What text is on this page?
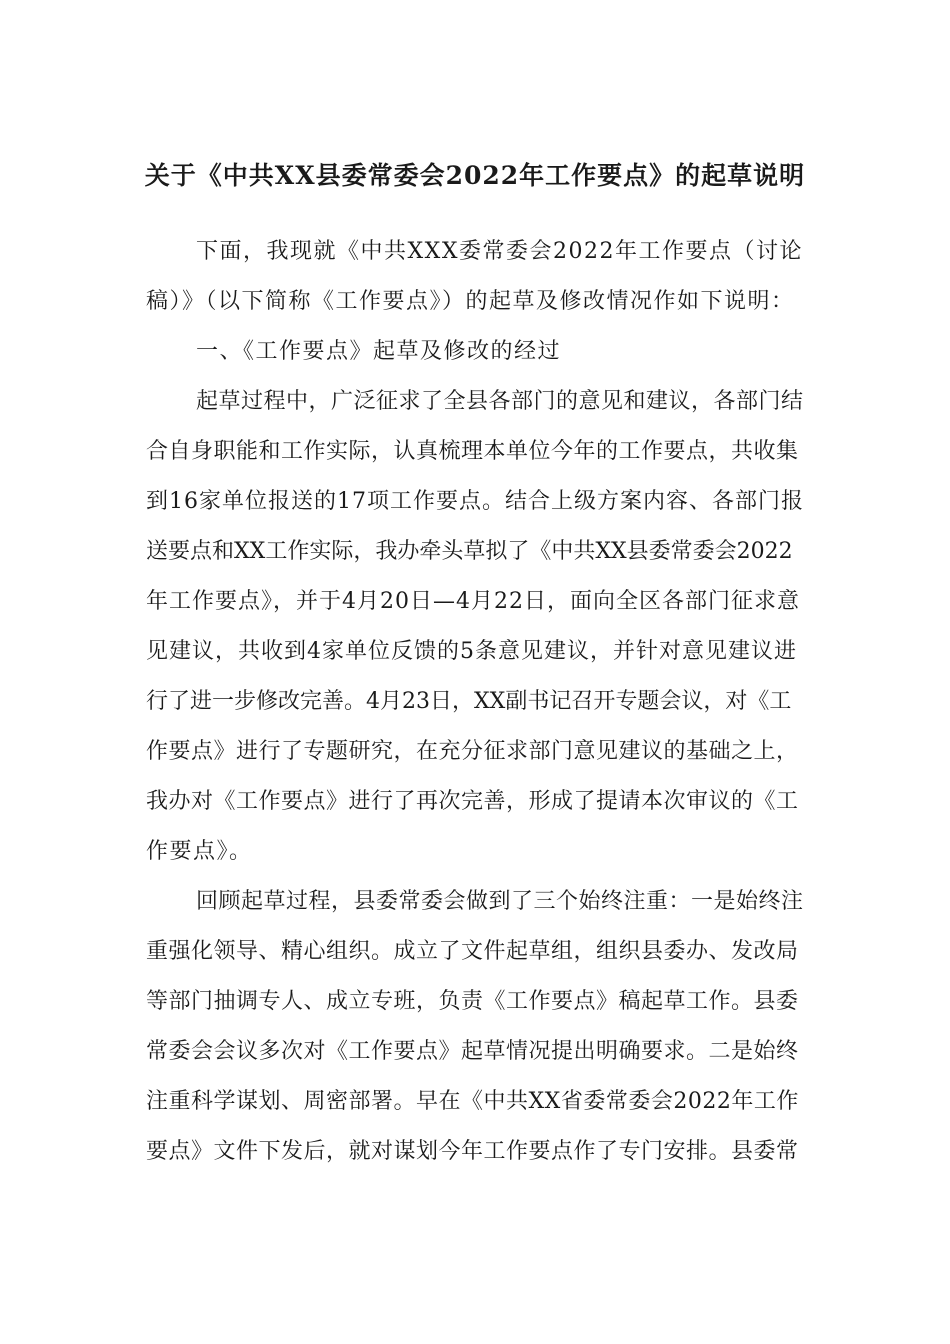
关于《中共XX县委常委会2022年工作要点》的起草说明
下面，我现就《中共XXX委常委会2022年工作要点（讨论
稿）》（以下简称《工作要点》）的起草及修改情况作如下说明：
一、《工作要点》起草及修改的经过
起草过程中，广泛征求了全县各部门的意见和建议，各部门结
合自身职能和工作实际，认真梳理本单位今年的工作要点，共收集
到16家单位报送的17项工作要点。结合上级方案内容、各部门报
送要点和XX工作实际，我办牵头草拟了《中共XX县委常委会2022
年工作要点》，并于4月20日—4月22日，面向全区各部门征求意
见建议，共收到4家单位反馈的5条意见建议，并针对意见建议进
行了进一步修改完善。4月23日，XX副书记召开专题会议，对《工
作要点》进行了专题研究，在充分征求部门意见建议的基础之上，
我办对《工作要点》进行了再次完善，形成了提请本次审议的《工
作要点》。
回顾起草过程，县委常委会做到了三个始终注重：一是始终注
重强化领导、精心组织。成立了文件起草组，组织县委办、发改局
等部门抽调专人、成立专班，负责《工作要点》稿起草工作。县委
常委会会议多次对《工作要点》起草情况提出明确要求。二是始终
注重科学谋划、周密部署。早在《中共XX省委常委会2022年工作
要点》文件下发后，就对谋划今年工作要点作了专门安排。县委常
